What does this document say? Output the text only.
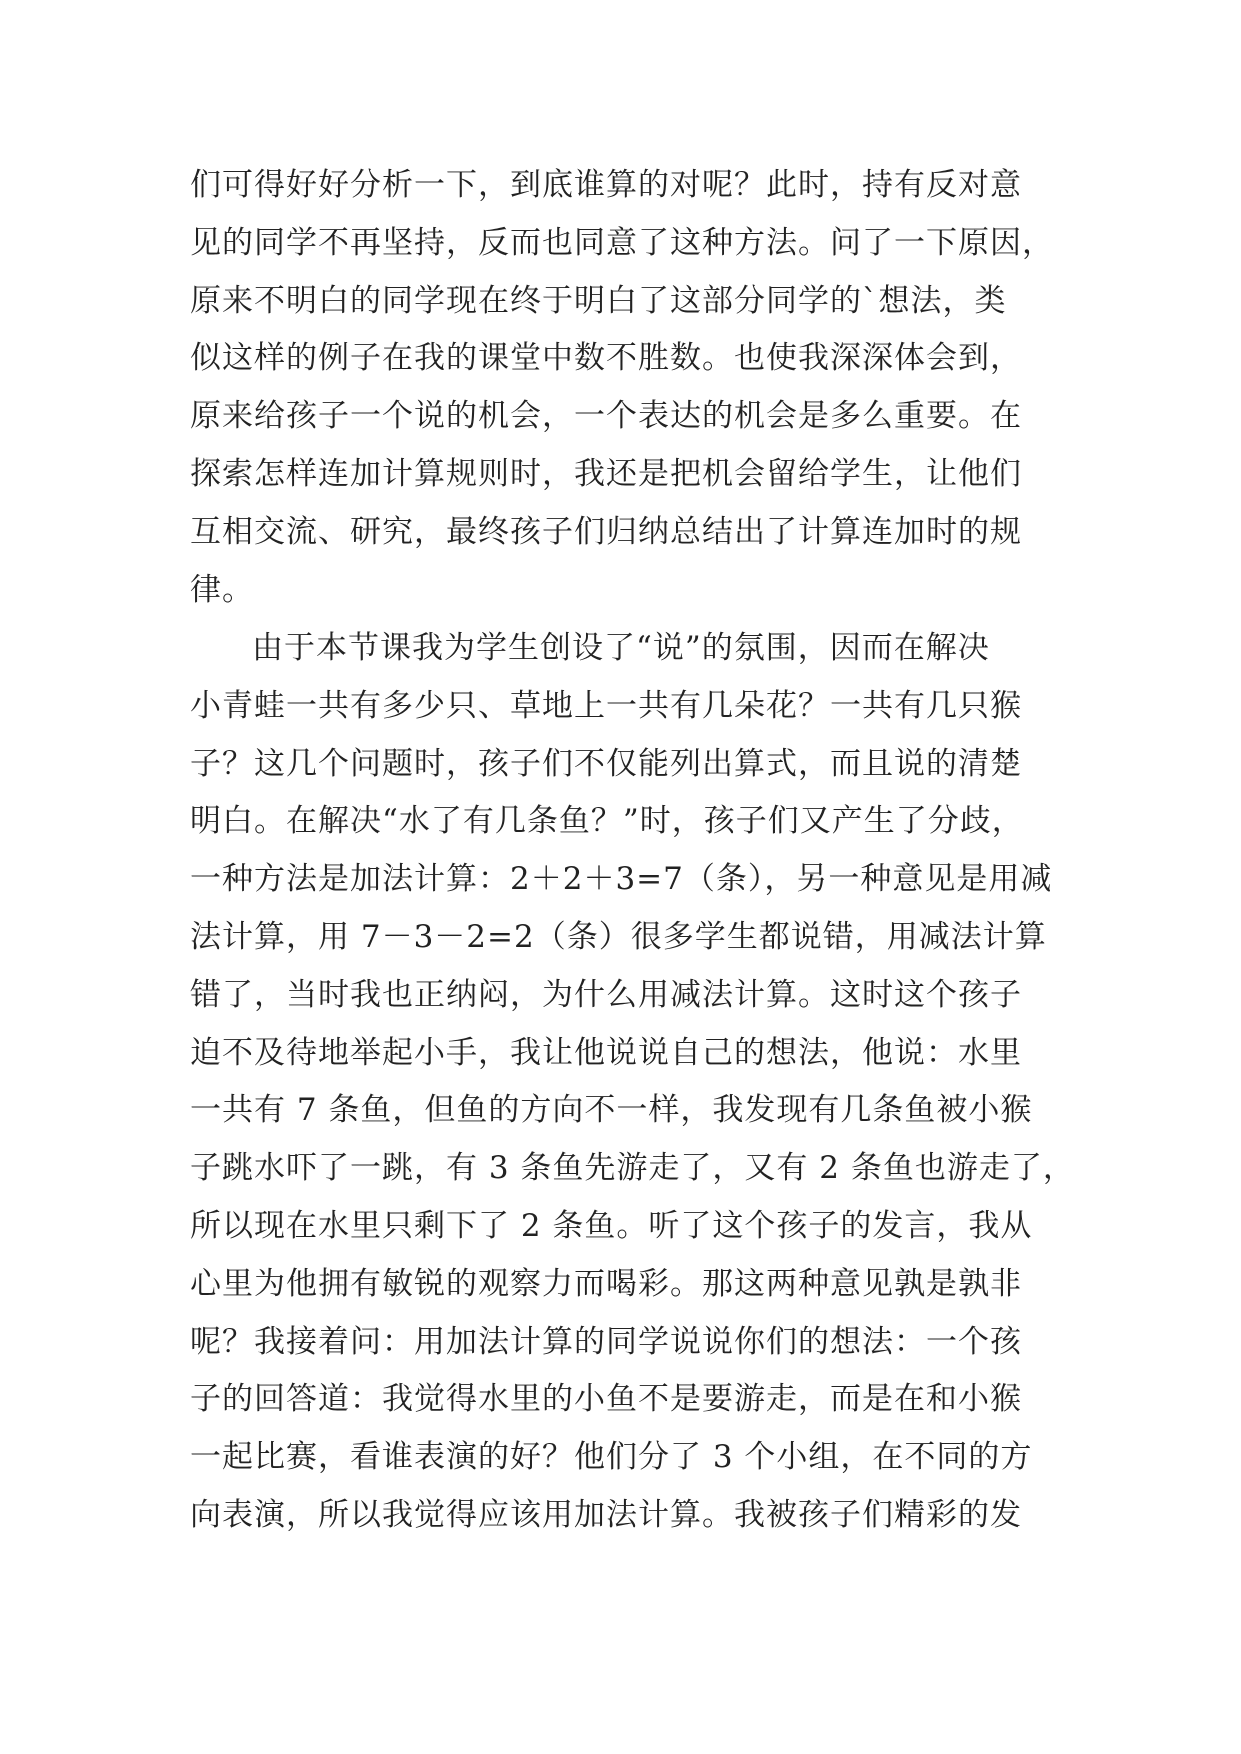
们可得好好分析一下，到底谁算的对呢？此时，持有反对意
见的同学不再坚持，反而也同意了这种方法。问了一下原因，
原来不明白的同学现在终于明白了这部分同学的`想法，类
似这样的例子在我的课堂中数不胜数。也使我深深体会到，
原来给孩子一个说的机会，一个表达的机会是多么重要。在
探索怎样连加计算规则时，我还是把机会留给学生，让他们
互相交流、研究，最终孩子们归纳总结出了计算连加时的规
律。
由于本节课我为学生创设了“说”的氛围，因而在解决
小青蛙一共有多少只、草地上一共有几朵花？一共有几只猴
子？这几个问题时，孩子们不仅能列出算式，而且说的清楚
明白。在解决“水了有几条鱼？”时，孩子们又产生了分歧，
一种方法是加法计算：2＋2＋3=7（条），另一种意见是用减
法计算，用 7－3－2=2（条）很多学生都说错，用减法计算
错了，当时我也正纳闷，为什么用减法计算。这时这个孩子
迫不及待地举起小手，我让他说说自己的想法，他说：水里
一共有 7 条鱼，但鱼的方向不一样，我发现有几条鱼被小猴
子跳水吓了一跳，有 3 条鱼先游走了，又有 2 条鱼也游走了，
所以现在水里只剩下了 2 条鱼。听了这个孩子的发言，我从
心里为他拥有敏锐的观察力而喝彩。那这两种意见孰是孰非
呢？我接着问：用加法计算的同学说说你们的想法：一个孩
子的回答道：我觉得水里的小鱼不是要游走，而是在和小猴
一起比赛，看谁表演的好？他们分了 3 个小组，在不同的方
向表演，所以我觉得应该用加法计算。我被孩子们精彩的发
